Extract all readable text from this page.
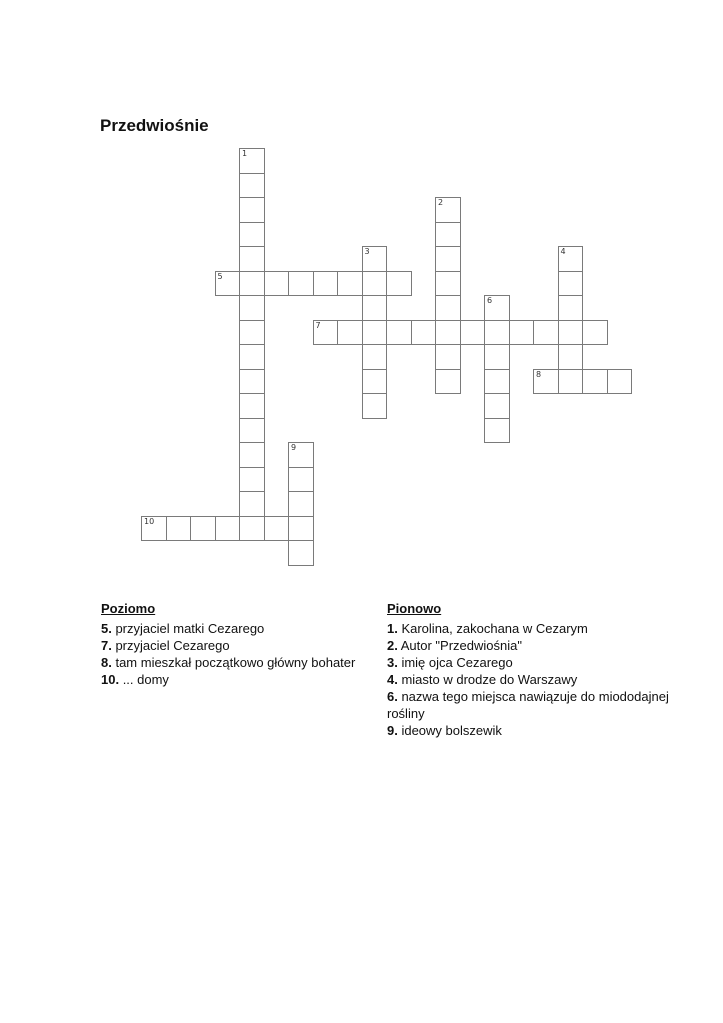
Przedwiośnie
1
2
3	4
5
6
7
8
9
10
Poziomo
5. przyjaciel matki Cezarego
7. przyjaciel Cezarego
8. tam mieszkał początkowo główny bohater
10. ... domy
Pionowo
1. Karolina, zakochana w Cezarym
2. Autor "Przedwiośnia"
3. imię ojca Cezarego
4. miasto w drodze do Warszawy
6. nazwa tego miejsca nawiązuje do miododajnej rośliny
9. ideowy bolszewik
